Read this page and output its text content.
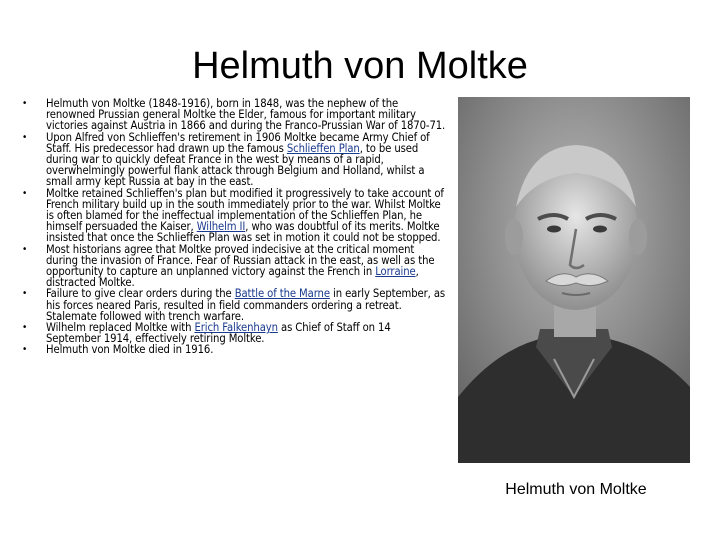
Helmuth von Moltke
• Helmuth von Moltke (1848-1916), born in 1848, was the nephew of the renowned Prussian general Moltke the Elder, famous for important military victories against Austria in 1866 and during the Franco-Prussian War of 1870-71.
• Upon Alfred von Schlieffen's retirement in 1906 Moltke became Army Chief of Staff. His predecessor had drawn up the famous Schlieffen Plan, to be used during war to quickly defeat France in the west by means of a rapid, overwhelmingly powerful flank attack through Belgium and Holland, whilst a small army kept Russia at bay in the east.
• Moltke retained Schlieffen's plan but modified it progressively to take account of French military build up in the south immediately prior to the war. Whilst Moltke is often blamed for the ineffectual implementation of the Schlieffen Plan, he himself persuaded the Kaiser, Wilhelm II, who was doubtful of its merits. Moltke insisted that once the Schlieffen Plan was set in motion it could not be stopped.
• Most historians agree that Moltke proved indecisive at the critical moment during the invasion of France. Fear of Russian attack in the east, as well as the opportunity to capture an unplanned victory against the French in Lorraine, distracted Moltke.
• Failure to give clear orders during the Battle of the Marne in early September, as his forces neared Paris, resulted in field commanders ordering a retreat. Stalemate followed with trench warfare.
• Wilhelm replaced Moltke with Erich Falkenhayn as Chief of Staff on 14 September 1914, effectively retiring Moltke.
• Helmuth von Moltke died in 1916.
Helmuth von Moltke
